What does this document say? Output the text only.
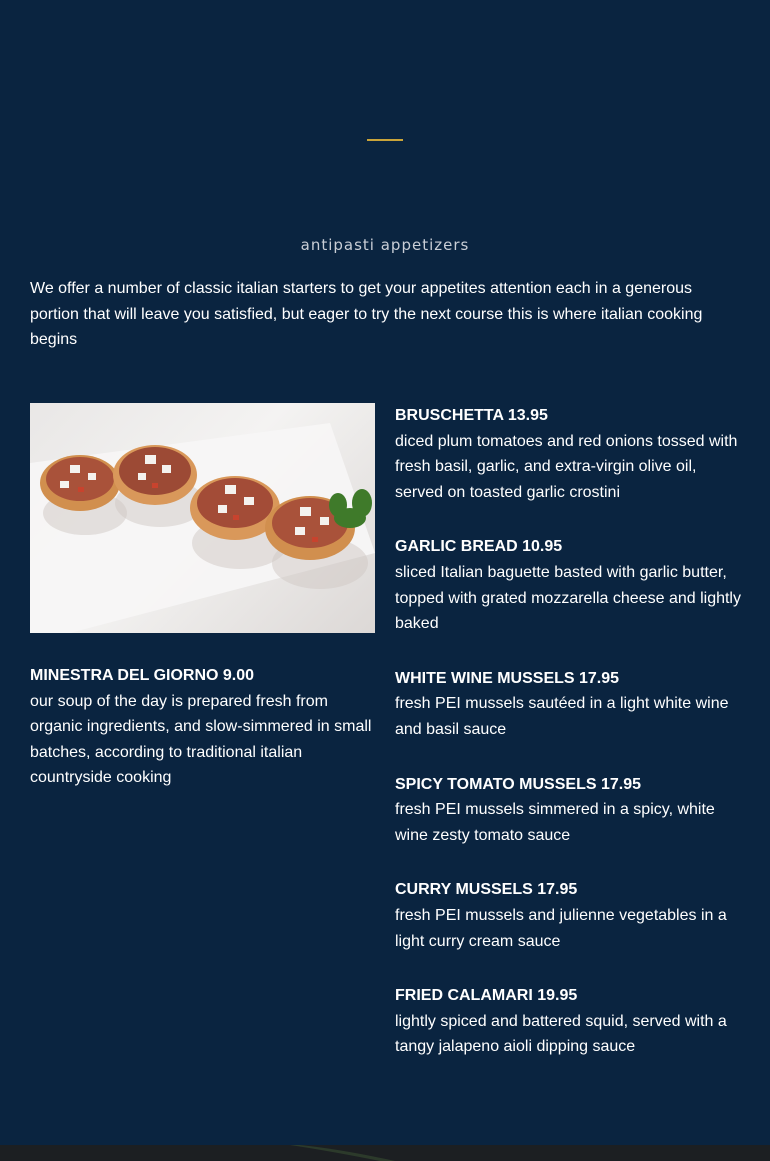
antipasti appetizers

We offer a number of classic italian starters to get your appetites attention each in a generous portion that will leave you satisfied, but eager to try the next course this is where italian cooking begins

MINESTRA DEL GIORNO 9.00

our soup of the day is prepared fresh from organic ingredients, and slow-simmered in small batches, according to traditional italian countryside cooking

BRUSCHETTA 13.95

diced plum tomatoes and red onions tossed with fresh basil, garlic, and extra-virgin olive oil, served on toasted garlic crostini

GARLIC BREAD 10.95

sliced Italian baguette basted with garlic butter, topped with grated mozzarella cheese and lightly baked

WHITE WINE MUSSELS 17.95

fresh PEI mussels sautéed in a light white wine and basil sauce

SPICY TOMATO MUSSELS 17.95

fresh PEI mussels simmered in a spicy, white wine zesty tomato sauce

CURRY MUSSELS 17.95

fresh PEI mussels and julienne vegetables in a light curry cream sauce

FRIED CALAMARI 19.95

lightly spiced and battered squid, served with a tangy jalapeno aioli dipping sauce
